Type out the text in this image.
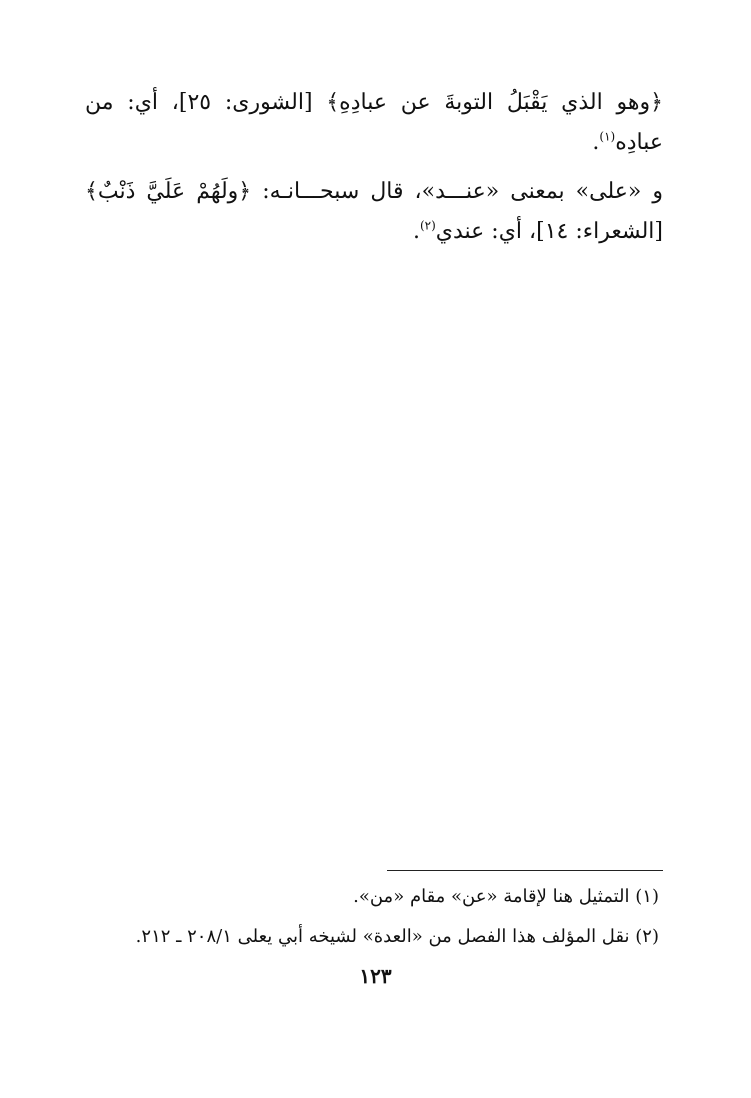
﴿وهو الذي يَقْبَلُ التوبةَ عن عبادِهِ﴾ [الشورى: ٢٥]، أي: من
عبادِه$^{(١)}$.
و «على» بمعنى «عنـــد»، قال سبحـــانـه: ﴿ولَهُمْ عَلَيَّ ذَنْبٌ﴾
[الشعراء: ١٤]، أي: عندي$^{(٢)}$.
(١) التمثيل هنا لإقامة «عن» مقام «من».
(٢) نقل المؤلف هذا الفصل من «العدة» لشيخه أبي يعلى ٢٠٨/١ ـ ٢١٢.
١٢٣
